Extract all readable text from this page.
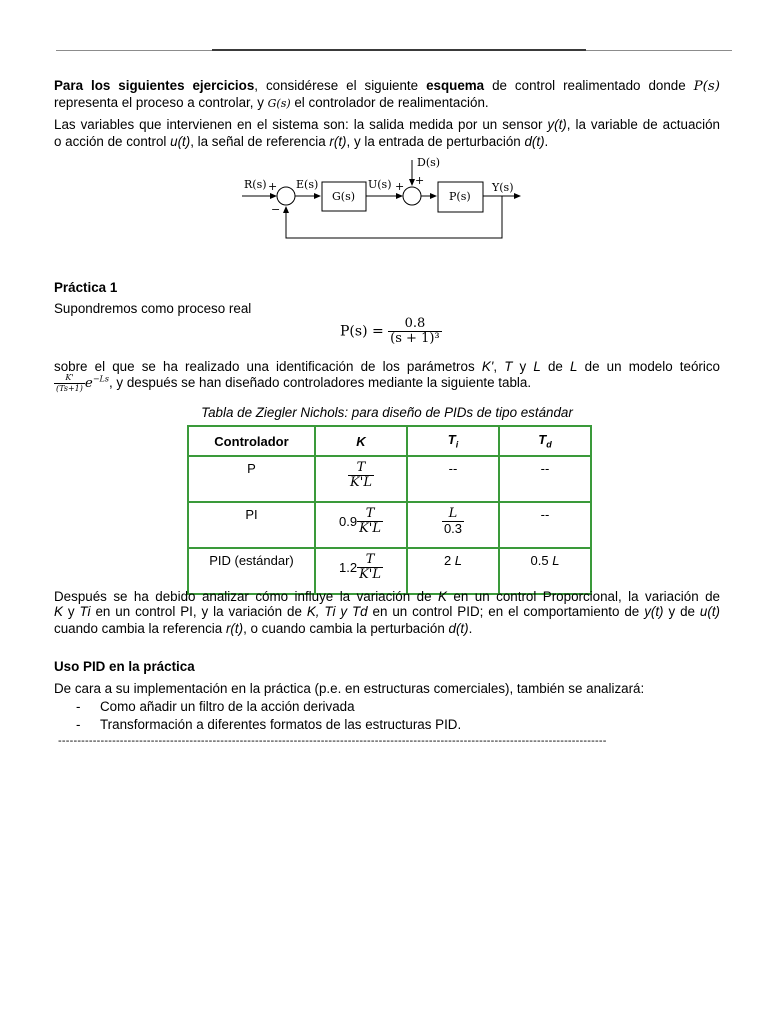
Para los siguientes ejercicios, considérese el siguiente esquema de control realimentado donde P(s)

representa el proceso a controlar, y G(s) el controlador de realimentación.

Las variables que intervienen en el sistema son: la salida medida por un sensor y(t), la variable de actuación

o acción de control u(t), la señal de referencia r(t), y la entrada de perturbación d(t).

R(s) +
−
E(s)
G(s)
U(s) + +
D(s)
P(s)
Y(s)
Práctica 1

Supondremos como proceso real

$P(s) = \frac{0.8}{\text{(s + 1)³}}$

sobre el que se ha realizado una identificación de los parámetros K', T y L de L de un modelo teórico

$\frac{K'}{(Ts+1)} e^{-Ls}$, y después se han diseñado controladores mediante la siguiente tabla.
Tabla de Ziegler Nichols: para diseño de PIDs de tipo estándar
Controlador	K	$T_i$	$T_d$
P	$\frac{T}{K'L}$	--	--
PI	$0.9 \frac{T}{K'L}$	$\frac{L}{0.3}$	--
PID (estándar)	$1.2 \frac{T}{K'L}$	2 L	0.5 L

Después se ha debido analizar cómo influye la variación de K en un control Proporcional, la variación de

K y Ti en un control PI, y la variación de K, Ti y Td en un control PID; en el comportamiento de y(t) y de u(t)

cuando cambia la referencia r(t), o cuando cambia la perturbación d(t).

Uso PID en la práctica

De cara a su implementación en la práctica (p.e. en estructuras comerciales), también se analizará:

- Como añadir un filtro de la acción derivada
- Transformación a diferentes formatos de las estructuras PID.
----------------------------------------------------------------------------------------------------------------------------------------------
